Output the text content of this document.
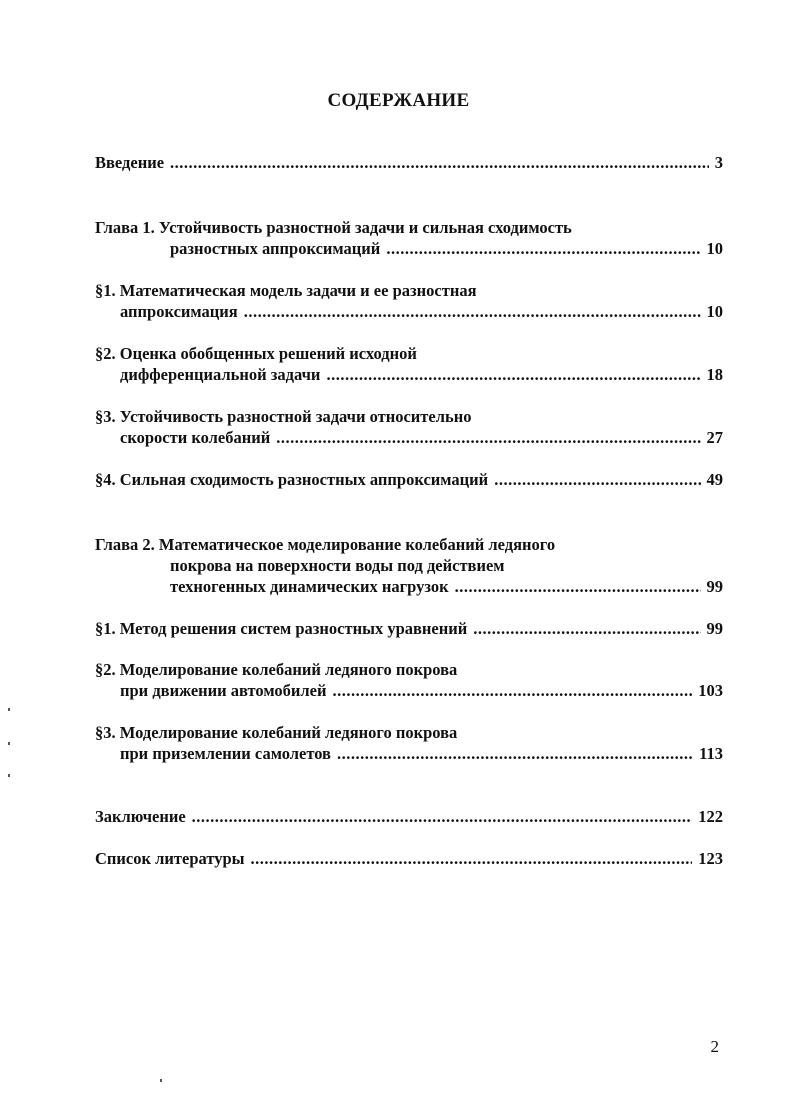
СОДЕРЖАНИЕ
Введение .....	3
Глава 1. Устойчивость разностной задачи и сильная сходимость
разностных аппроксимаций .....	10
§1. Математическая модель задачи и ее разностная
аппроксимация .....	10
§2. Оценка обобщенных решений исходной
дифференциальной задачи .....	18
§3. Устойчивость разностной задачи относительно
скорости колебаний .....	27
§4. Сильная сходимость разностных аппроксимаций .....	49
Глава 2. Математическое моделирование колебаний ледяного
покрова на поверхности воды под действием
техногенных динамических нагрузок .....	99
§1. Метод решения систем разностных уравнений .....	99
§2. Моделирование колебаний ледяного покрова
при движении автомобилей .....	103
§3. Моделирование колебаний ледяного покрова
при приземлении самолетов .....	113
Заключение .....	122
Список литературы .....	123
2
